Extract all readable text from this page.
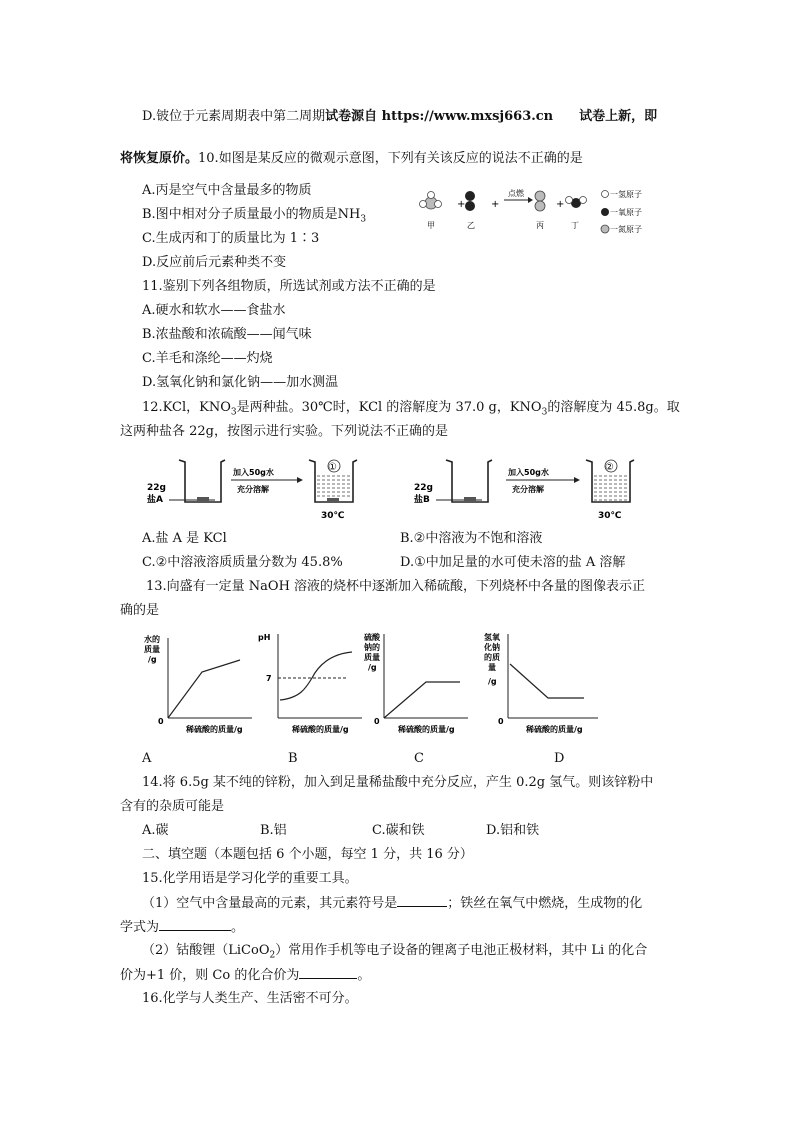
D.铍位于元素周期表中第二周期试卷源自 https://www.mxsj663.cn 试卷上新，即
将恢复原价。10.如图是某反应的微观示意图，下列有关该反应的说法不正确的是
A.丙是空气中含量最多的物质
B.图中相对分子质量最小的物质是$NH_3$
C.生成丙和丁的质量比为 1∶3
D.反应前后元素种类不变
+	+
点燃
+
甲	乙	丙	丁
一氢原子
一氧原子
一氮原子
11.鉴别下列各组物质，所选试剂或方法不正确的是
A.硬水和软水——食盐水
B.浓盐酸和浓硫酸——闻气味
C.羊毛和涤纶——灼烧
D.氢氧化钠和氯化钠——加水测温
12.KCl，$KNO_3$是两种盐。30℃时，KCl 的溶解度为 37.0 g，$KNO_3$的溶解度为 45.8g。取
这两种盐各 22g，按图示进行实验。下列说法不正确的是
22g
盐A
加入50g水
充分溶解
①
30℃
22g
盐B
加入50g水
充分溶解
②
30℃
A.盐 A 是 KCl	B.②中溶液为不饱和溶液
C.②中溶液溶质质量分数为 45.8%	D.①中加足量的水可使未溶的盐 A 溶解
13.向盛有一定量 NaOH 溶液的烧杯中逐渐加入稀硫酸，下列烧杯中各量的图像表示正
确的是
水的
质量
/g
0
稀硫酸的质量/g
pH
7
稀硫酸的质量/g
硫酸
钠的
质量
/g
0
稀硫酸的质量/g
氢氧
化钠
的质
量
/g
0
稀硫酸的质量/g
A	B	C	D
14.将 6.5g 某不纯的锌粉，加入到足量稀盐酸中充分反应，产生 0.2g 氢气。则该锌粉中
含有的杂质可能是
A.碳	B.铝	C.碳和铁	D.铝和铁
二、填空题（本题包括 6 个小题，每空 1 分，共 16 分）
15.化学用语是学习化学的重要工具。
（1）空气中含量最高的元素，其元素符号是	；铁丝在氧气中燃烧，生成物的化
学式为	。
（2）钴酸锂（LiCoO$_2$）常用作手机等电子设备的锂离子电池正极材料，其中 Li 的化合
价为+1 价，则 Co 的化合价为	。
16.化学与人类生产、生活密不可分。
